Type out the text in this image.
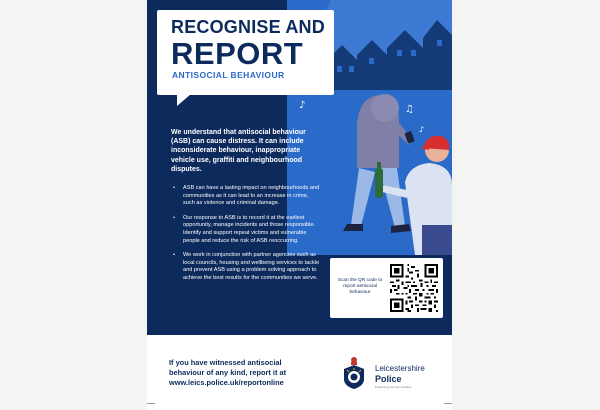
♪	♫
♪
RECOGNISE AND
REPORT
ANTISOCIAL BEHAVIOUR
We understand that antisocial behaviour (ASB) can cause distress. It can include inconsiderate behaviour, inappropriate vehicle use, graffiti and neighbourhood disputes.
• ASB can have a lasting impact on neighbourhoods and communities as it can lead to an increase in crime, such as violence and criminal damage.
• Our response to ASB is to record it at the earliest opportunity, manage incidents and those responsible. Identify and support repeat victims and vulnerable people and reduce the risk of ASB reoccurring.
• We work in conjunction with partner agencies such as local councils, housing and wellbeing services to tackle and prevent ASB using a problem solving approach to achieve the best results for the communities we serve.	Scan the QR code to report antisocial behaviour
If you have witnessed antisocial
behaviour of any kind, report it at
www.leics.police.uk/reportonline
Leicestershire
Police
Protecting our communities
